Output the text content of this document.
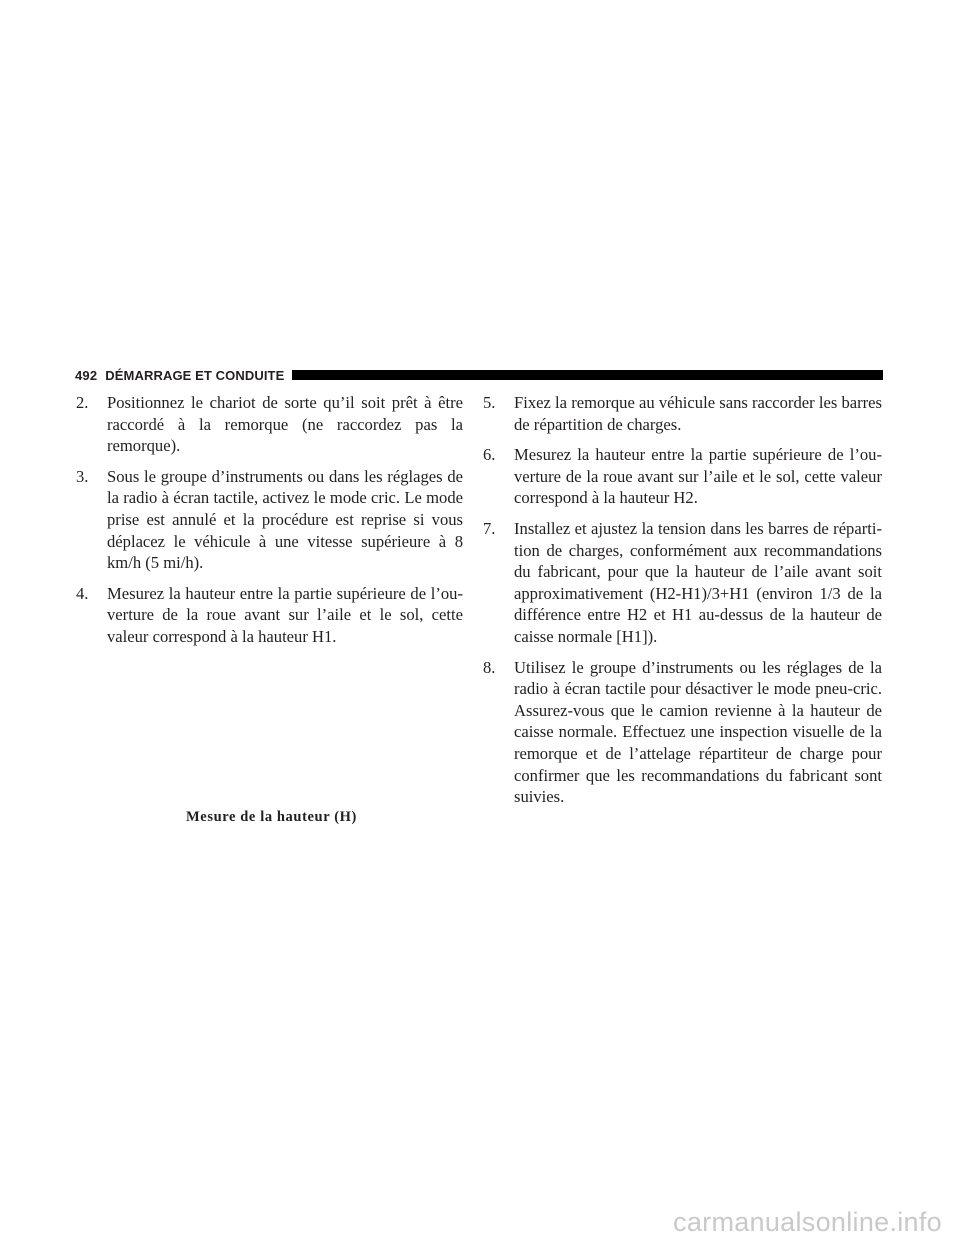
492 DÉMARRAGE ET CONDUITE

2. Positionnez le chariot de sorte qu’il soit prêt à être raccordé à la remorque (ne raccordez pas la remorque).

3. Sous le groupe d’instruments ou dans les réglages de la radio à écran tactile, activez le mode cric. Le mode prise est annulé et la procédure est reprise si vous déplacez le véhicule à une vitesse supérieure à 8 km/h (5 mi/h).

4. Mesurez la hauteur entre la partie supérieure de l’ou-verture de la roue avant sur l’aile et le sol, cette valeur correspond à la hauteur H1.

5. Fixez la remorque au véhicule sans raccorder les barres de répartition de charges.

6. Mesurez la hauteur entre la partie supérieure de l’ou-verture de la roue avant sur l’aile et le sol, cette valeur correspond à la hauteur H2.

7. Installez et ajustez la tension dans les barres de réparti-tion de charges, conformément aux recommandations du fabricant, pour que la hauteur de l’aile avant soit approximativement (H2-H1)/3+H1 (environ 1/3 de la différence entre H2 et H1 au-dessus de la hauteur de caisse normale [H1]).

8. Utilisez le groupe d’instruments ou les réglages de la radio à écran tactile pour désactiver le mode pneu-cric. Assurez-vous que le camion revienne à la hauteur de caisse normale. Effectuez une inspection visuelle de la remorque et de l’attelage répartiteur de charge pour confirmer que les recommandations du fabricant sont suivies.

Mesure de la hauteur (H)
carmanualsonline.info
